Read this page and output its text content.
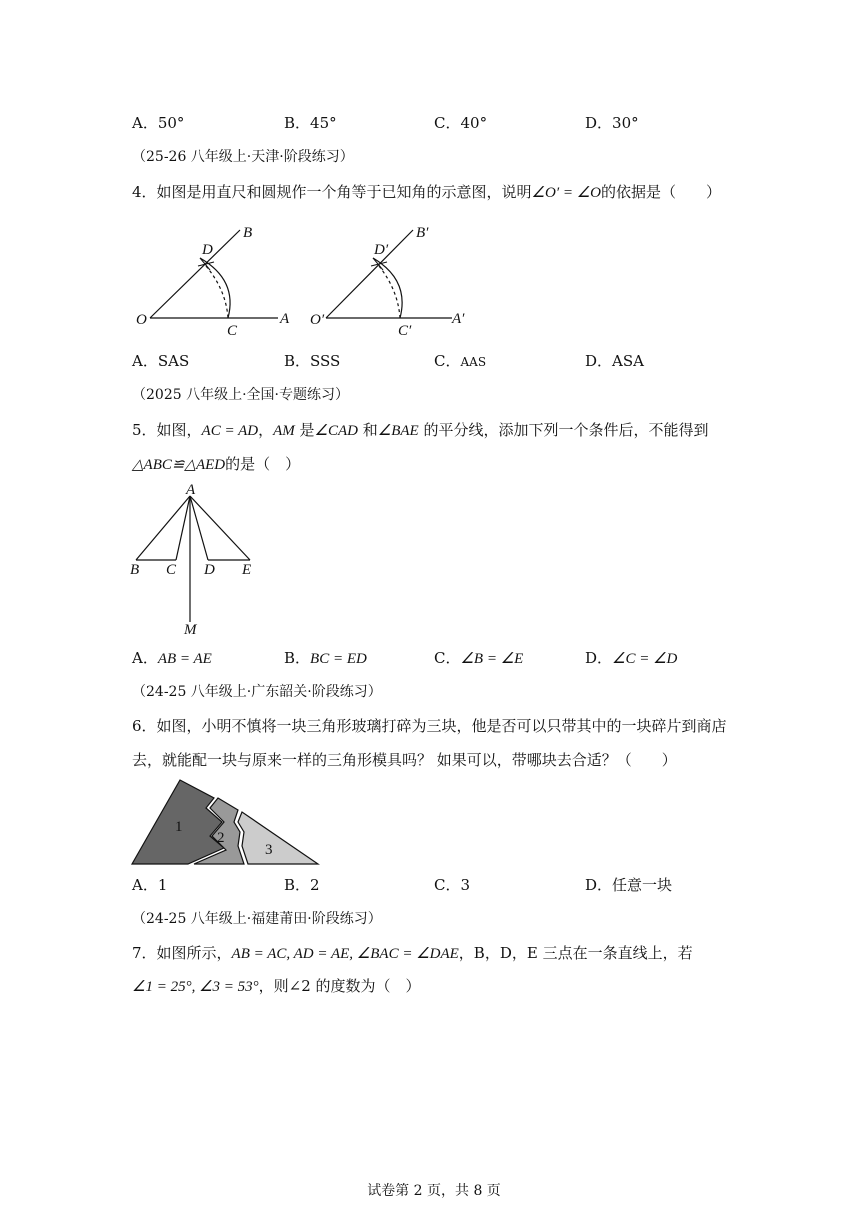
A．50°	B．45°	C．40°	D．30°
（25-26 八年级上·天津·阶段练习）
4．如图是用直尺和圆规作一个角等于已知角的示意图，说明∠O′ = ∠O的依据是（　　）
O	A
B
C
D
O′	A′
B′
C′
D′
A．SAS	B．SSS	C．AAS	D．ASA
（2025 八年级上·全国·专题练习）
5．如图，AC = AD，AM 是∠CAD 和∠BAE 的平分线，添加下列一个条件后，不能得到
△ABC≌△AED的是（　）
A
B C D E
M
A．AB = AE	B．BC = ED	C．∠B = ∠E	D．∠C = ∠D
（24-25 八年级上·广东韶关·阶段练习）
6．如图，小明不慎将一块三角形玻璃打碎为三块，他是否可以只带其中的一块碎片到商店
去，就能配一块与原来一样的三角形模具吗？ 如果可以，带哪块去合适？（　　）
1
2
3
A．1	B．2	C．3	D．任意一块
（24-25 八年级上·福建莆田·阶段练习）
7．如图所示，AB = AC, AD = AE, ∠BAC = ∠DAE，B，D，E 三点在一条直线上，若
∠1 = 25°, ∠3 = 53°，则∠2 的度数为（　）
试卷第 2 页，共 8 页
